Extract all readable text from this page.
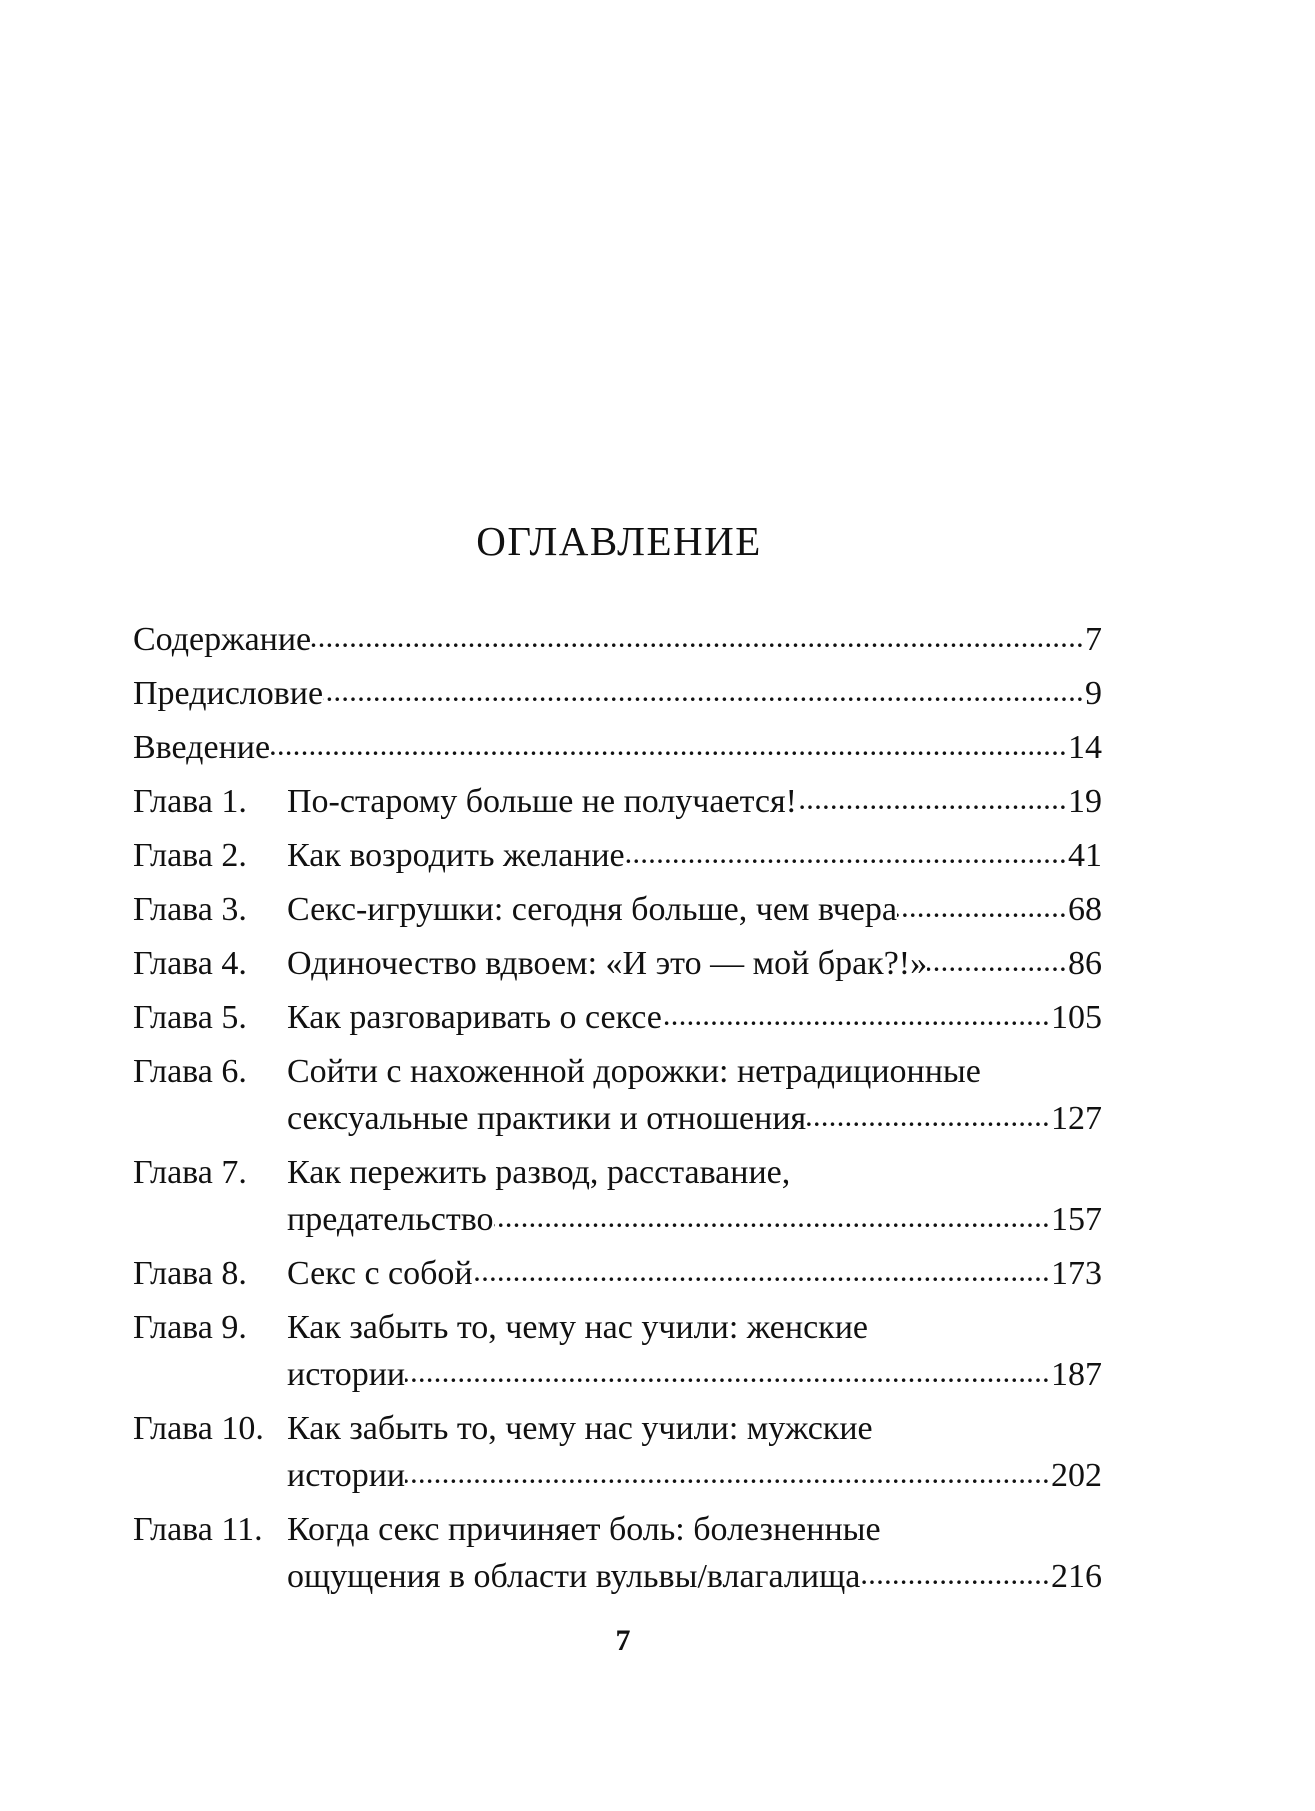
ОГЛАВЛЕНИЕ
Содержание .....	7
Предисловие .....	9
Введение .....	14
Глава 1.	По-старому больше не получается! .....	19
Глава 2.	Как возродить желание .....	41
Глава 3.	Секс-игрушки: сегодня больше, чем вчера .....	68
Глава 4.	Одиночество вдвоем: «И это — мой брак?!» .....	86
Глава 5.	Как разговаривать о сексе .....	105
Глава 6.	Сойти с нахоженной дорожки: нетрадиционные
сексуальные практики и отношения .....	127
Глава 7.	Как пережить развод, расставание,
предательство .....	157
Глава 8.	Секс с собой .....	173
Глава 9.	Как забыть то, чему нас учили: женские
истории .....	187
Глава 10. Как забыть то, чему нас учили: мужские
истории .....	202
Глава 11. Когда секс причиняет боль: болезненные
ощущения в области вульвы/влагалища .....	216
7
